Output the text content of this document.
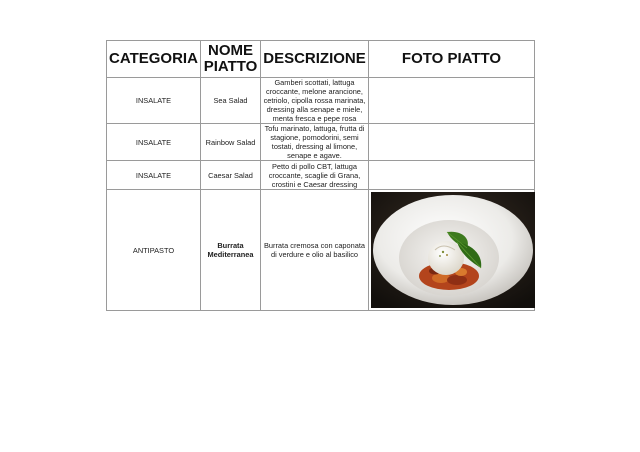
CATEGORIA	NOME PIATTO	DESCRIZIONE	FOTO PIATTO
INSALATE	Sea Salad	Gamberi scottati, lattuga croccante, melone arancione, cetriolo, cipolla rossa marinata, dressing alla senape e miele, menta fresca e pepe rosa	
INSALATE	Rainbow Salad	Tofu marinato, lattuga, frutta di stagione, pomodorini, semi tostati, dressing al limone, senape e agave.	
INSALATE	Caesar Salad	Petto di pollo CBT, lattuga croccante, scaglie di Grana, crostini e Caesar dressing	
ANTIPASTO	Burrata Mediterranea	Burrata cremosa con caponata di verdure e olio al basilico	
